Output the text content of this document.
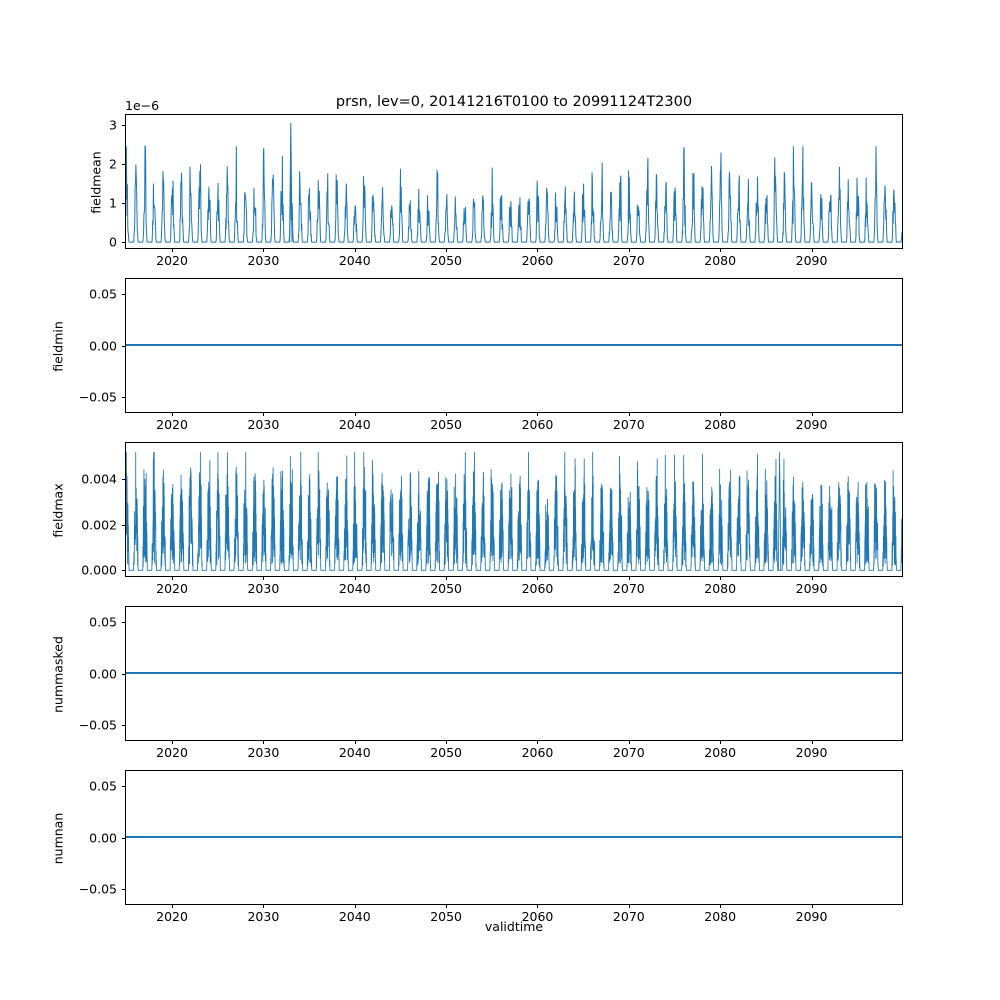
prsn, lev=0, 20141216T0100 to 20991124T2300
1e−6
fieldmean
fieldmin
fieldmax
nummasked
numnan
validtime
2020	2030	2040	2050	2060	2070	2080	2090
0
1
2
3
2020	2030	2040	2050	2060	2070	2080	2090
−0.05
0.00
0.05
2020	2030	2040	2050	2060	2070	2080	2090
0.000
0.002
0.004
2020	2030	2040	2050	2060	2070	2080	2090
−0.05
0.00
0.05
2020	2030	2040	2050	2060	2070	2080	2090
−0.05
0.00
0.05
